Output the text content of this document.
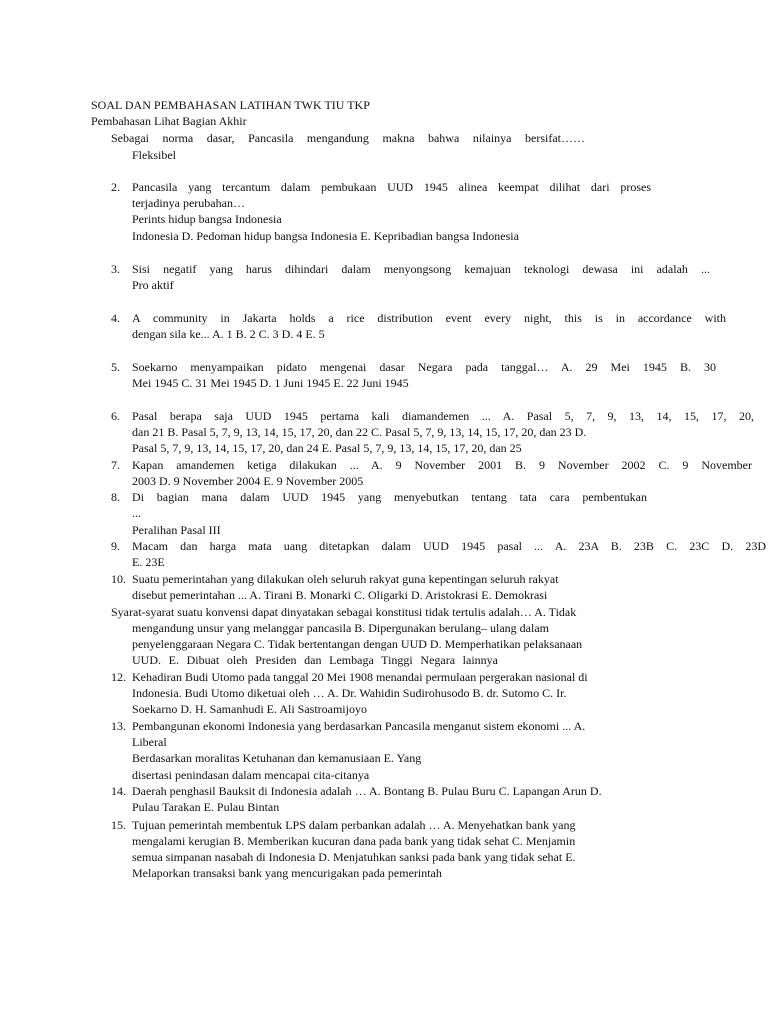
SOAL DAN PEMBAHASAN LATIHAN TWK TIU TKP
Pembahasan Lihat Bagian Akhir
Sebagai norma dasar, Pancasila mengandung makna bahwa nilainya bersifat……
Fleksibel
2. Pancasila yang tercantum dalam pembukaan UUD 1945 alinea keempat dilihat dari proses
terjadinya perubahan…
Perints hidup bangsa Indonesia
Indonesia D. Pedoman hidup bangsa Indonesia E. Kepribadian bangsa Indonesia
3. Sisi negatif yang harus dihindari dalam menyongsong kemajuan teknologi dewasa ini adalah ...
Pro aktif
4. A community in Jakarta holds a rice distribution event every night, this is in accordance with
dengan sila ke... A. 1 B. 2 C. 3 D. 4 E. 5
5. Soekarno menyampaikan pidato mengenai dasar Negara pada tanggal… A. 29 Mei 1945 B. 30
Mei 1945 C. 31 Mei 1945 D. 1 Juni 1945 E. 22 Juni 1945
6. Pasal berapa saja UUD 1945 pertama kali diamandemen ... A. Pasal 5, 7, 9, 13, 14, 15, 17, 20,
dan 21 B. Pasal 5, 7, 9, 13, 14, 15, 17, 20, dan 22 C. Pasal 5, 7, 9, 13, 14, 15, 17, 20, dan 23 D.
Pasal 5, 7, 9, 13, 14, 15, 17, 20, dan 24 E. Pasal 5, 7, 9, 13, 14, 15, 17, 20, dan 25
7. Kapan amandemen ketiga dilakukan ... A. 9 November 2001 B. 9 November 2002 C. 9 November
2003 D. 9 November 2004 E. 9 November 2005
8. Di bagian mana dalam UUD 1945 yang menyebutkan tentang tata cara pembentukan
...
Peralihan Pasal III
9. Macam dan harga mata uang ditetapkan dalam UUD 1945 pasal ... A. 23A B. 23B C. 23C D. 23D
E. 23E
10. Suatu pemerintahan yang dilakukan oleh seluruh rakyat guna kepentingan seluruh rakyat
disebut pemerintahan ... A. Tirani B. Monarki C. Oligarki D. Aristokrasi E. Demokrasi
Syarat-syarat suatu konvensi dapat dinyatakan sebagai konstitusi tidak tertulis adalah… A. Tidak
mengandung unsur yang melanggar pancasila B. Dipergunakan berulang– ulang dalam
penyelenggaraan Negara C. Tidak bertentangan dengan UUD D. Memperhatikan pelaksanaan
UUD. E. Dibuat oleh Presiden dan Lembaga Tinggi Negara lainnya
12. Kehadiran Budi Utomo pada tanggal 20 Mei 1908 menandai permulaan pergerakan nasional di
Indonesia. Budi Utomo diketuai oleh … A. Dr. Wahidin Sudirohusodo B. dr. Sutomo C. Ir.
Soekarno D. H. Samanhudi E. Ali Sastroamijoyo
13. Pembangunan ekonomi Indonesia yang berdasarkan Pancasila menganut sistem ekonomi ... A.
Liberal
Berdasarkan moralitas Ketuhanan dan kemanusiaan E. Yang
disertasi penindasan dalam mencapai cita-citanya
14. Daerah penghasil Bauksit di Indonesia adalah … A. Bontang B. Pulau Buru C. Lapangan Arun D.
Pulau Tarakan E. Pulau Bintan
15. Tujuan pemerintah membentuk LPS dalam perbankan adalah … A. Menyehatkan bank yang
mengalami kerugian B. Memberikan kucuran dana pada bank yang tidak sehat C. Menjamin
semua simpanan nasabah di Indonesia D. Menjatuhkan sanksi pada bank yang tidak sehat E.
Melaporkan transaksi bank yang mencurigakan pada pemerintah
